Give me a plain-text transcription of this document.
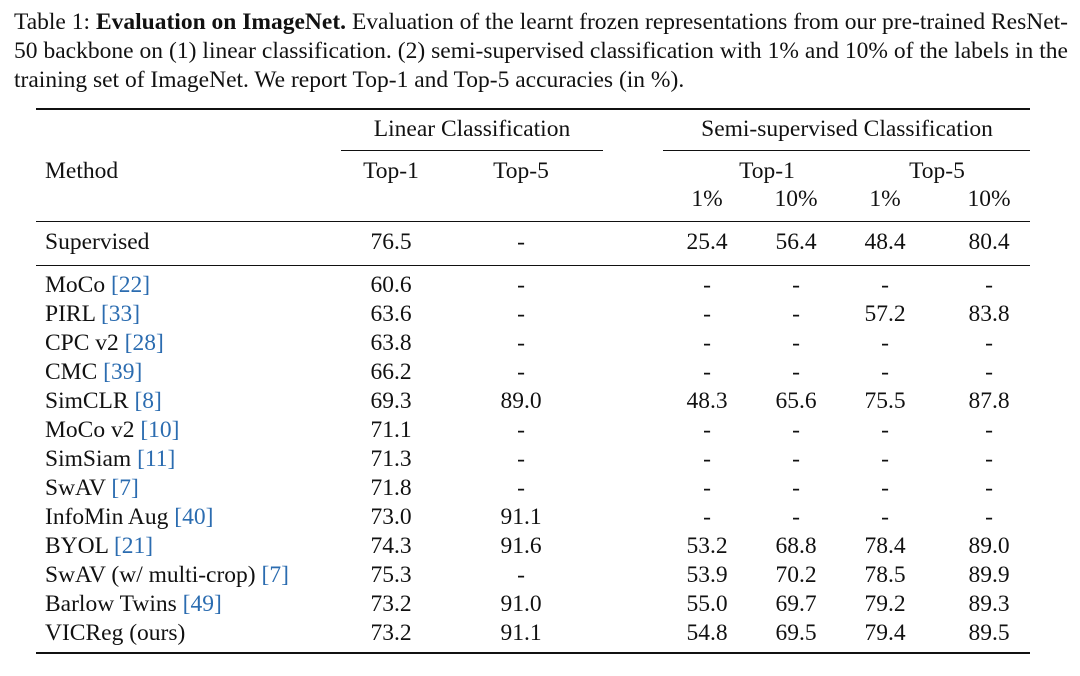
Table 1: Evaluation on ImageNet. Evaluation of the learnt frozen representations from our pre-trained ResNet-50 backbone on (1) linear classification. (2) semi-supervised classification with 1% and 10% of the labels in the training set of ImageNet. We report Top-1 and Top-5 accuracies (in %).
Linear Classification	Semi-supervised Classification
Method	Top-1	Top-5	Top-1	Top-5
1%	10%	1%	10%
Supervised	76.5	-	25.4	56.4	48.4	80.4
MoCo [22]	60.6	-	-	-	-	-
PIRL [33]	63.6	-	-	-	57.2	83.8
CPC v2 [28]	63.8	-	-	-	-	-
CMC [39]	66.2	-	-	-	-	-
SimCLR [8]	69.3	89.0	48.3	65.6	75.5	87.8
MoCo v2 [10]	71.1	-	-	-	-	-
SimSiam [11]	71.3	-	-	-	-	-
SwAV [7]	71.8	-	-	-	-	-
InfoMin Aug [40]	73.0	91.1	-	-	-	-
BYOL [21]	74.3	91.6	53.2	68.8	78.4	89.0
SwAV (w/ multi-crop) [7]	75.3	-	53.9	70.2	78.5	89.9
Barlow Twins [49]	73.2	91.0	55.0	69.7	79.2	89.3
VICReg (ours)	73.2	91.1	54.8	69.5	79.4	89.5
